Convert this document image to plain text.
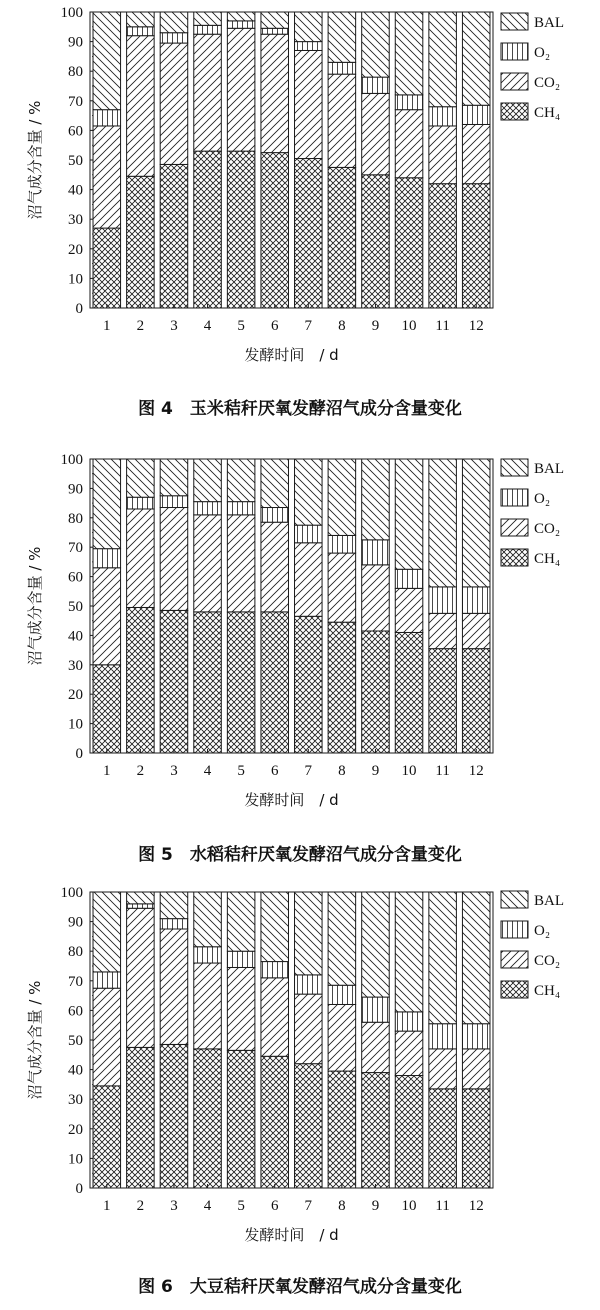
0
10
20
30
40
50
60
70
80
90
100
沼气成分含量 / %
1 2 3 4 5 6 7 8 9 10 11 12
发酵时间　/ d
BAL
O₂
CO₂
CH₄
图 4　玉米秸秆厌氧发酵沼气成分含量变化
0
10
20
30
40
50
60
70
80
90
100
沼气成分含量 / %
1 2 3 4 5 6 7 8 9 10 11 12
发酵时间　/ d
BAL
O₂
CO₂
CH₄
图 5　水稻秸秆厌氧发酵沼气成分含量变化
0
10
20
30
40
50
60
70
80
90
100
沼气成分含量 / %
1 2 3 4 5 6 7 8 9 10 11 12
发酵时间　/ d
BAL
O₂
CO₂
CH₄
图 6　大豆秸秆厌氧发酵沼气成分含量变化
